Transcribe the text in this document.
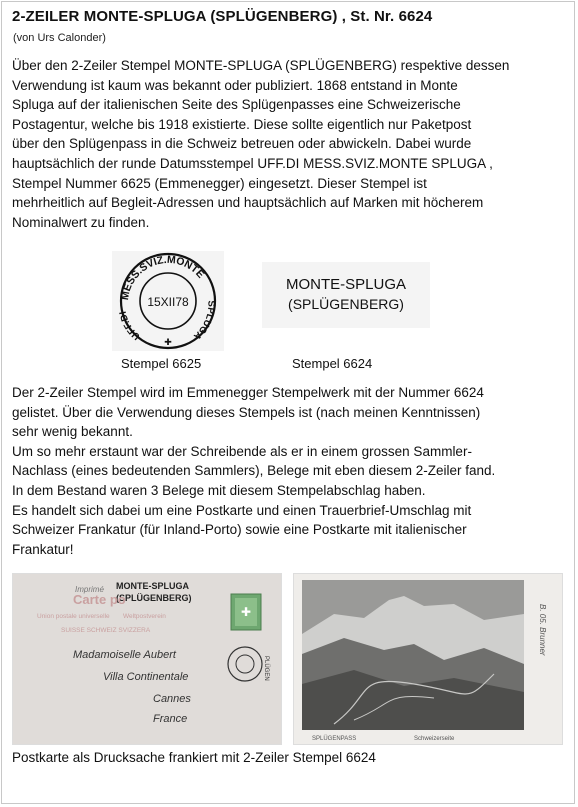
2-ZEILER MONTE-SPLUGA (SPLÜGENBERG) , St. Nr. 6624
(von Urs Calonder)
Über den 2-Zeiler Stempel MONTE-SPLUGA (SPLÜGENBERG) respektive dessen
Verwendung ist kaum was bekannt oder publiziert. 1868 entstand in Monte
Spluga auf der italienischen Seite des Splügenpasses eine Schweizerische
Postagentur, welche bis 1918 existierte. Diese sollte eigentlich nur Paketpost
über den Splügenpass in die Schweiz betreuen oder abwickeln. Dabei wurde
hauptsächlich der runde Datumsstempel UFF.DI MESS.SVIZ.MONTE SPLUGA ,
Stempel Nummer 6625 (Emmenegger) eingesetzt. Dieser Stempel ist
mehrheitlich auf Begleit-Adressen und hauptsächlich auf Marken mit höcherem
Nominalwert zu finden.
MESS.SVIZ.MONTE
UFF.DI
SPLUGA
15XII78
✚
MONTE-SPLUGA
(SPLÜGENBERG)
Stempel 6625	Stempel 6624
Der 2-Zeiler Stempel wird im Emmenegger Stempelwerk mit der Nummer 6624
gelistet. Über die Verwendung dieses Stempels ist (nach meinen Kenntnissen)
sehr wenig bekannt.
Um so mehr erstaunt war der Schreibende als er in einem grossen Sammler-
Nachlass (eines bedeutenden Sammlers), Belege mit eben diesem 2-Zeiler fand.
In dem Bestand waren 3 Belege mit diesem Stempelabschlag haben.
Es handelt sich dabei um eine Postkarte und einen Trauerbrief-Umschlag mit
Schweizer Frankatur (für Inland-Porto) sowie eine Postkarte mit italienischer
Frankatur!
Imprimé MONTE-SPLUGA
(SPLÜGENBERG)
Carte po
Union postale universelle Weltpostverein
SUISSE SCHWEIZ SVIZZERA
✚
PLÜGEN
Madamoiselle Aubert
Villa Continentale
Cannes
France
SPLÜGENPASS	Schweizerseite
B. 05. Brunner
Postkarte als Drucksache frankiert mit 2-Zeiler Stempel 6624
